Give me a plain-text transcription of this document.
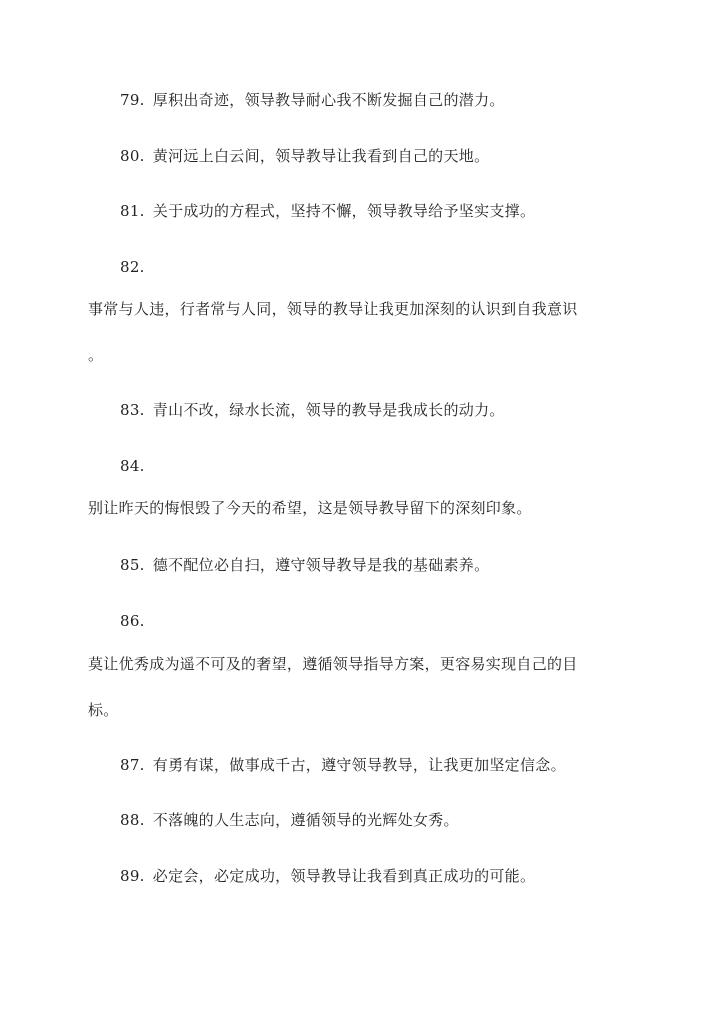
79. 厚积出奇迹，领导教导耐心我不断发掘自己的潜力。
80. 黄河远上白云间，领导教导让我看到自己的天地。
81. 关于成功的方程式，坚持不懈，领导教导给予坚实支撑。
82.
事常与人违，行者常与人同，领导的教导让我更加深刻的认识到自我意识
。
83. 青山不改，绿水长流，领导的教导是我成长的动力。
84.
别让昨天的悔恨毁了今天的希望，这是领导教导留下的深刻印象。
85. 德不配位必自扫，遵守领导教导是我的基础素养。
86.
莫让优秀成为遥不可及的奢望，遵循领导指导方案，更容易实现自己的目
标。
87. 有勇有谋，做事成千古，遵守领导教导，让我更加坚定信念。
88. 不落魄的人生志向，遵循领导的光辉处女秀。
89. 必定会，必定成功，领导教导让我看到真正成功的可能。
